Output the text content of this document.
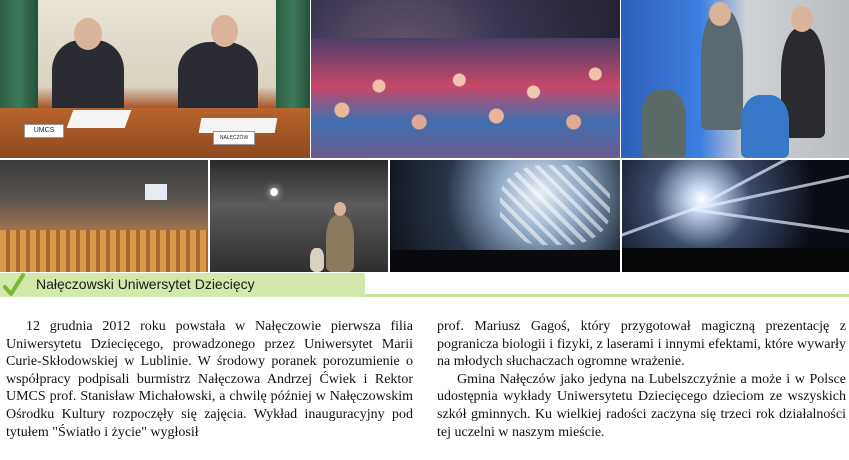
UMCS
NAŁĘCZÓW
Nałęczowski Uniwersytet Dziecięcy

12 grudnia 2012 roku powstała w Nałęczowie pierwsza filia Uniwersytetu Dziecięcego, prowadzonego przez Uniwersytet Marii Curie-Skłodowskiej w Lublinie. W środowy poranek porozumienie o współpracy podpisali burmistrz Nałęczowa Andrzej Ćwiek i Rektor UMCS prof. Stanisław Michałowski, a chwilę później w Nałęczowskim Ośrodku Kultury rozpoczęły się zajęcia. Wykład inauguracyjny pod tytułem "Światło i życie" wygłosił

prof. Mariusz Gagoś, który przygotował magiczną prezentację z pogranicza biologii i fizyki, z laserami i innymi efektami, które wywarły na młodych słuchaczach ogromne wrażenie.

Gmina Nałęczów jako jedyna na Lubelszczyźnie a może i w Polsce udostępnia wykłady Uniwersytetu Dziecięcego dzieciom ze wszyskich szkół gminnych. Ku wielkiej radości zaczyna się trzeci rok działalności tej uczelni w naszym mieście.
